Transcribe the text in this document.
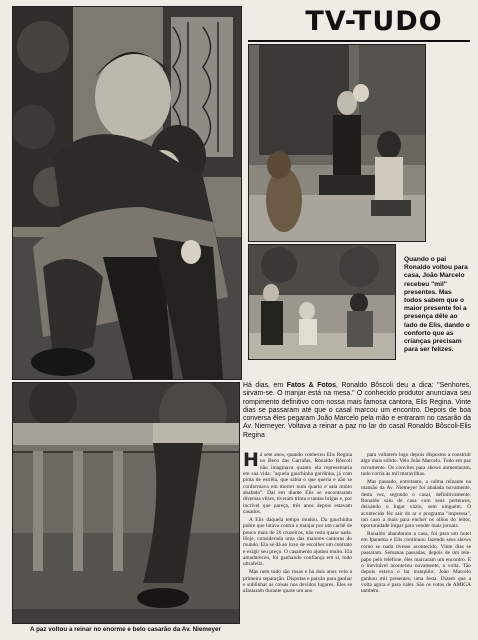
TV-TUDO
Quando o pai Ronaldo voltou para casa, João Marcelo recebeu "mil" presentes. Mas todos sabem que o maior presente foi a presença dêle ao lado de Elis, dando o conforto que as crianças precisam para ser felizes.
Há dias, em Fatos & Fotos, Ronaldo Bôscoli deu a dica: "Senhores, sirvam-se. O manjar está na mesa." O conhecido produtor anunciava seu rompimento definitivo com nossa mais famosa cantora, Elis Regina. Vinte dias se passaram até que o casal marcou um encontro. Depois de boa conversa êles pegaram João Marcelo pela mão e entraram no casarão da Av. Niemeyer. Voltava a reinar a paz no lar do casal Ronaldo Bôscoli-Elis Regina

Há sete anos, quando conheceu Elis Regina no Beco das Garrafas, Ronaldo Bôscoli não imaginava quanto ela representaria em sua vida: "aquela gauchinha gordinha, já com pinta de estrêla, que sabia o que queria e não se conformava em morrer num quarto e sala muito abafado". Daí em diante Elis se encontraram diversas vêzes, tiveram trinta e tantas brigas e, por incrível que pareça, três anos depois estavam casados.

A Elis daquela tempo mudou. Da gauchinha pobre que lutava contra o manjar por um cachê de pouco mais de 20 cruzeiros, não resta quase nada. Hoje, considerada uma das maiores cantoras do mundo. Ela se dá ao luxo de escolher um contrato e exigir seu preço. O casamento ajudou muito. Ela amadureceu, foi ganhando confiança em si, tudo ultrafeliz.

Mas nem tudo são rosas e há dois anos veio a primeira separação. Disputas e paixão para ganhar e sublinhar as coisas nos devidos lugares. Eles se afastaram durante quase um ano

para voltarem logo depois dispostos a construir algo mais sólido. Veio João Marcelo. Tudo em paz novamente. Os convites para shows aumentaram, tudo corria às mil maravilhas.

Mas passado, entretanto, a calma reinante na mansão da Av. Niemeyer foi abalada novamente, desta vez, segundo o casal, definitivamente. Ronaldo saiu de casa com seus pertences, deixando o lugar vazio, sem ninguém. O acontecido fêz sair do ar o programa "impressa", um caso a mais para encher os olhos do leitor, oportunidade ímpar para vender mais jornais.

Ronaldo abandonou a casa, foi para um hotel em Ipanema e Elis continuou fazendo seus shows como se nada tivesse acontecido. Vinte dias se passaram. Semanas passadas, depois de um tele-papo pelo telefone, êles marcaram um encontro. E o inevitável aconteceu novamente, a volta. Tão depois estava o lar tranqüilo; João Marcelo ganhou mil presentes, uma festa. Dizem que a volta agora é para valer. São os votos de AMIGA também.

A paz voltou a reinar no enorme e belo casarão da Av. Niemeyer
